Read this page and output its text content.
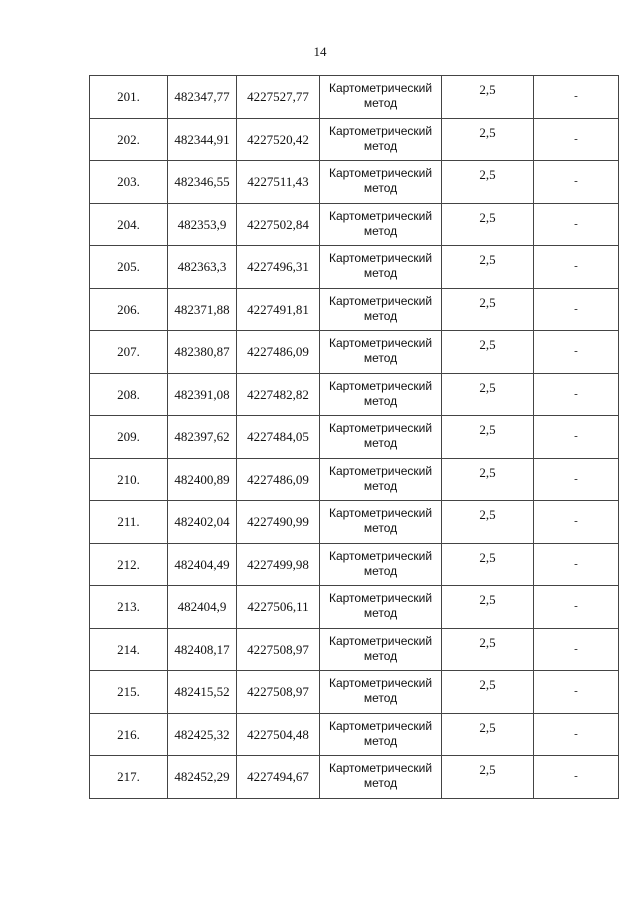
14
201.	482347,77	4227527,77	Картометрический метод	2,5	-
202.	482344,91	4227520,42	Картометрический метод	2,5	-
203.	482346,55	4227511,43	Картометрический метод	2,5	-
204.	482353,9	4227502,84	Картометрический метод	2,5	-
205.	482363,3	4227496,31	Картометрический метод	2,5	-
206.	482371,88	4227491,81	Картометрический метод	2,5	-
207.	482380,87	4227486,09	Картометрический метод	2,5	-
208.	482391,08	4227482,82	Картометрический метод	2,5	-
209.	482397,62	4227484,05	Картометрический метод	2,5	-
210.	482400,89	4227486,09	Картометрический метод	2,5	-
211.	482402,04	4227490,99	Картометрический метод	2,5	-
212.	482404,49	4227499,98	Картометрический метод	2,5	-
213.	482404,9	4227506,11	Картометрический метод	2,5	-
214.	482408,17	4227508,97	Картометрический метод	2,5	-
215.	482415,52	4227508,97	Картометрический метод	2,5	-
216.	482425,32	4227504,48	Картометрический метод	2,5	-
217.	482452,29	4227494,67	Картометрический метод	2,5	-
